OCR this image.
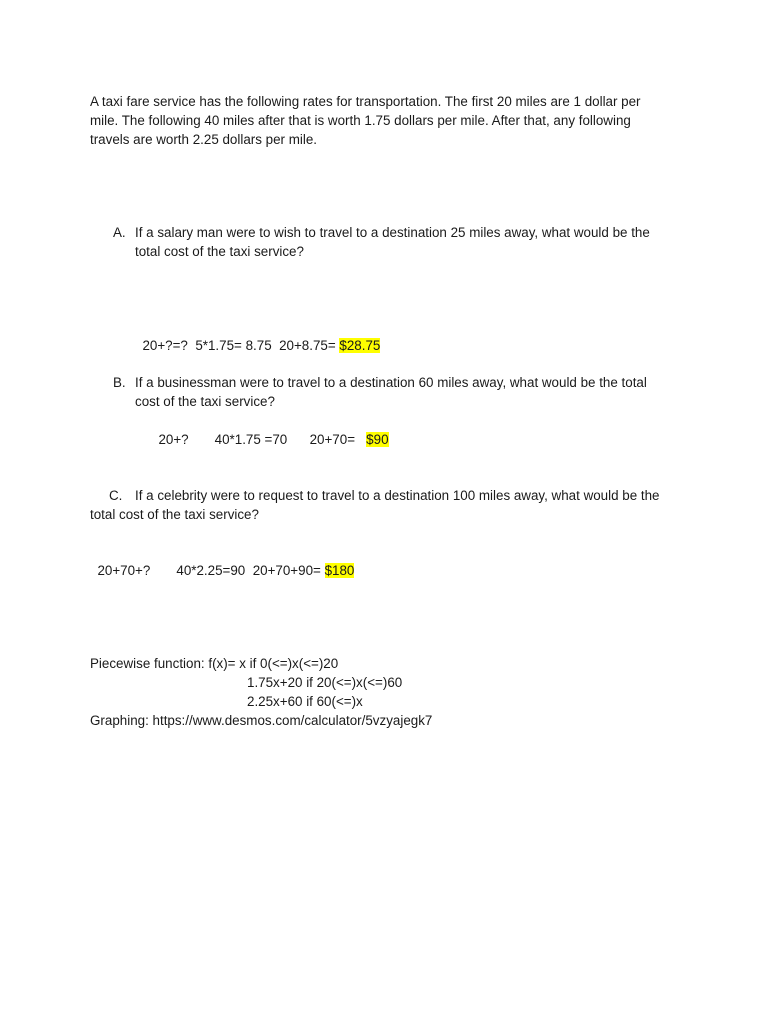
A taxi fare service has the following rates for transportation. The first 20 miles are 1 dollar per
mile. The following 40 miles after that is worth 1.75 dollars per mile. After that, any following
travels are worth 2.25 dollars per mile.
A. If a salary man were to wish to travel to a destination 25 miles away, what would be the
total cost of the taxi service?

20+?=?  5*1.75= 8.75  20+8.75= $28.75

B. If a businessman were to travel to a destination 60 miles away, what would be the total
cost of the taxi service?

20+?       40*1.75 =70      20+70=   $90

C. If a celebrity were to request to travel to a destination 100 miles away, what would be the
total cost of the taxi service?

20+70+?       40*2.25=90  20+70+90= $180

Piecewise function: f(x)= x if 0(<=)x(<=)20
1.75x+20 if 20(<=)x(<=)60
2.25x+60 if 60(<=)x
Graphing: https://www.desmos.com/calculator/5vzyajegk7
